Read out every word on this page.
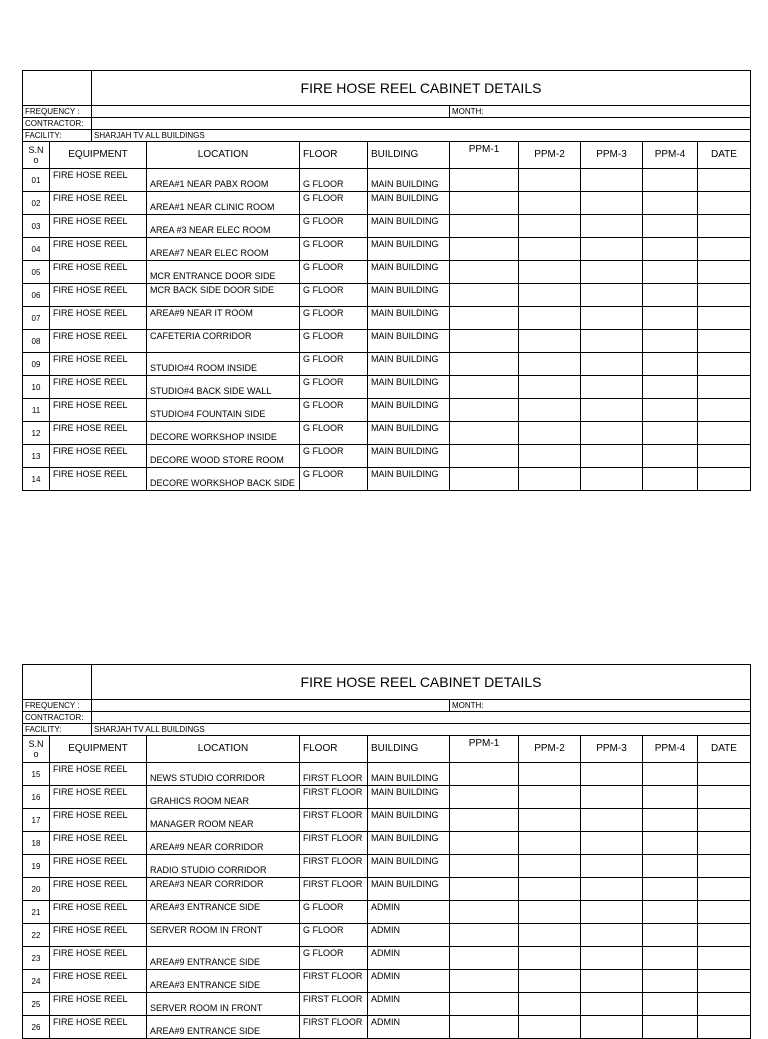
		FIRE HOSE REEL CABINET DETAILS								
FREQUENCY :						MONTH:				
CONTRACTOR:										
FACILITY:		SHARJAH TV ALL BUILDINGS								
S.N
o	EQUIPMENT		LOCATION	FLOOR	BUILDING	PPM-1	PPM-2	PPM-3	PPM-4	DATE
01	FIRE HOSE REEL		AREA#1 NEAR PABX ROOM	G FLOOR	MAIN BUILDING					
02	FIRE HOSE REEL		AREA#1 NEAR CLINIC ROOM	G FLOOR	MAIN BUILDING					
03	FIRE HOSE REEL		AREA #3 NEAR ELEC ROOM	G FLOOR	MAIN BUILDING					
04	FIRE HOSE REEL		AREA#7 NEAR ELEC ROOM	G FLOOR	MAIN BUILDING					
05	FIRE HOSE REEL		MCR ENTRANCE DOOR SIDE	G FLOOR	MAIN BUILDING					
06	FIRE HOSE REEL		MCR BACK SIDE DOOR SIDE	G FLOOR	MAIN BUILDING					
07	FIRE HOSE REEL		AREA#9 NEAR IT ROOM	G FLOOR	MAIN BUILDING					
08	FIRE HOSE REEL		CAFETERIA CORRIDOR	G FLOOR	MAIN BUILDING					
09	FIRE HOSE REEL		STUDIO#4 ROOM INSIDE	G FLOOR	MAIN BUILDING					
10	FIRE HOSE REEL		STUDIO#4 BACK SIDE WALL	G FLOOR	MAIN BUILDING					
11	FIRE HOSE REEL		STUDIO#4 FOUNTAIN SIDE	G FLOOR	MAIN BUILDING					
12	FIRE HOSE REEL		DECORE WORKSHOP INSIDE	G FLOOR	MAIN BUILDING					
13	FIRE HOSE REEL		DECORE WOOD STORE ROOM	G FLOOR	MAIN BUILDING					
14	FIRE HOSE REEL		DECORE WORKSHOP BACK SIDE	G FLOOR	MAIN BUILDING					
		FIRE HOSE REEL CABINET DETAILS								
FREQUENCY :						MONTH:				
CONTRACTOR:										
FACILITY:		SHARJAH TV ALL BUILDINGS								
S.N
o	EQUIPMENT		LOCATION	FLOOR	BUILDING	PPM-1	PPM-2	PPM-3	PPM-4	DATE
15	FIRE HOSE REEL		NEWS STUDIO CORRIDOR	FIRST FLOOR	MAIN BUILDING					
16	FIRE HOSE REEL		GRAHICS ROOM NEAR	FIRST FLOOR	MAIN BUILDING					
17	FIRE HOSE REEL		MANAGER ROOM NEAR	FIRST FLOOR	MAIN BUILDING					
18	FIRE HOSE REEL		AREA#9 NEAR CORRIDOR	FIRST FLOOR	MAIN BUILDING					
19	FIRE HOSE REEL		RADIO STUDIO CORRIDOR	FIRST FLOOR	MAIN BUILDING					
20	FIRE HOSE REEL		AREA#3 NEAR CORRIDOR	FIRST FLOOR	MAIN BUILDING					
21	FIRE HOSE REEL		AREA#3 ENTRANCE SIDE	G FLOOR	ADMIN					
22	FIRE HOSE REEL		SERVER ROOM IN FRONT	G FLOOR	ADMIN					
23	FIRE HOSE REEL		AREA#9 ENTRANCE SIDE	G FLOOR	ADMIN					
24	FIRE HOSE REEL		AREA#3 ENTRANCE SIDE	FIRST FLOOR	ADMIN					
25	FIRE HOSE REEL		SERVER ROOM IN FRONT	FIRST FLOOR	ADMIN					
26	FIRE HOSE REEL		AREA#9 ENTRANCE SIDE	FIRST FLOOR	ADMIN					
